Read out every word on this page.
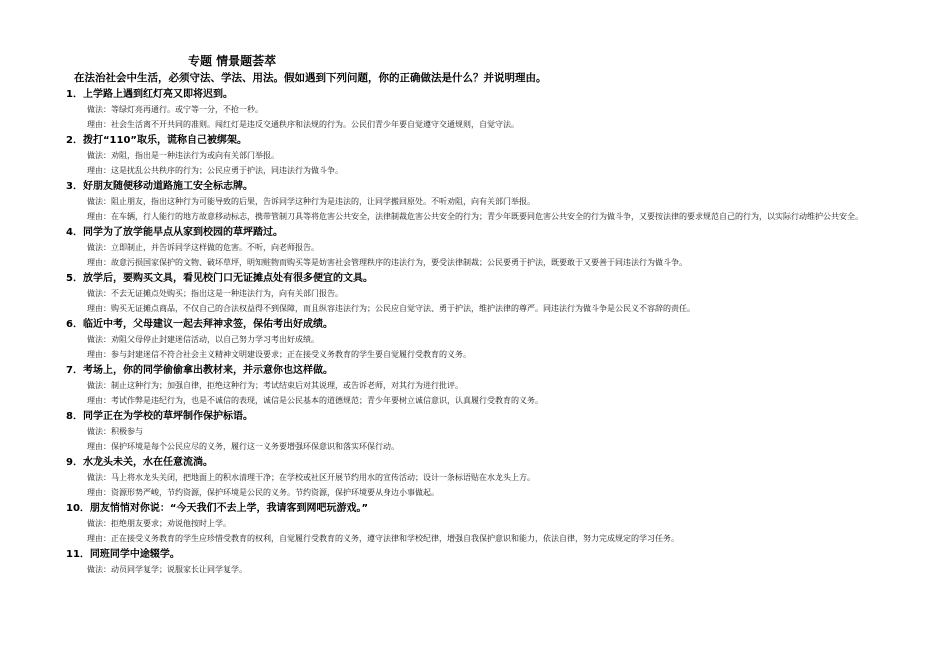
专题 情景题荟萃
在法治社会中生活，必须守法、学法、用法。假如遇到下列问题，你的正确做法是什么？并说明理由。
1．上学路上遇到红灯亮又即将迟到。
做法：等绿灯亮再通行。或宁等一分，不抢一秒。
理由：社会生活离不开共同的准则。闯红灯是违反交通秩序和法规的行为。公民们青少年要自觉遵守交通规则，自觉守法。
2．拨打“110”取乐，谎称自己被绑架。
做法：劝阻，指出是一种违法行为或向有关部门举报。
理由：这是扰乱公共秩序的行为；公民应勇于护法，同违法行为做斗争。
3．好朋友随便移动道路施工安全标志牌。
做法：阻止朋友，指出这种行为可能导致的后果，告诉同学这种行为是违法的，让同学搬回原处。不听劝阻，向有关部门举报。
理由：在车辆，行人能行的地方故意移动标志，携带管制刀具等将危害公共安全，法律制裁危害公共安全的行为；青少年既要同危害公共安全的行为做斗争，又要按法律的要求规范自己的行为，以实际行动维护公共安全。
4．同学为了放学能早点从家到校园的草坪踏过。
做法：立即制止，并告诉同学这样做的危害。不听，向老师报告。
理由：故意污损国家保护的文物、破坏草坪，明知赃物而购买等是妨害社会管理秩序的违法行为，要受法律制裁；公民要勇于护法，既要敢于又要善于同违法行为做斗争。
5．放学后，要购买文具，看见校门口无证摊点处有很多便宜的文具。
做法：不去无证摊点处购买；指出这是一种违法行为，向有关部门报告。
理由：购买无证摊点商品，不仅自己的合法权益得不到保障，而且纵容违法行为；公民应自觉守法、勇于护法，维护法律的尊严。同违法行为做斗争是公民义不容辞的责任。
6．临近中考，父母建议一起去拜神求签，保佑考出好成绩。
做法：劝阻父母停止封建迷信活动，以自己努力学习考出好成绩。
理由：参与封建迷信不符合社会主义精神文明建设要求；正在接受义务教育的学生要自觉履行受教育的义务。
7．考场上，你的同学偷偷拿出教材来，并示意你也这样做。
做法：制止这种行为；加强自律，拒绝这种行为；考试结束后对其说理，或告诉老师，对其行为进行批评。
理由：考试作弊是违纪行为，也是不诚信的表现，诚信是公民基本的道德规范；青少年要树立诚信意识，认真履行受教育的义务。
8．同学正在为学校的草坪制作保护标语。
做法：积极参与
理由：保护环境是每个公民应尽的义务，履行这一义务要增强环保意识和落实环保行动。
9．水龙头未关，水在任意流淌。
做法：马上将水龙头关闭，把地面上的积水清理干净；在学校或社区开展节约用水的宣传活动；设计一条标语贴在水龙头上方。
理由：资源形势严峻，节约资源，保护环境是公民的义务。节约资源，保护环境要从身边小事做起。
10．朋友悄悄对你说：“今天我们不去上学，我请客到网吧玩游戏。”
做法：拒绝朋友要求；劝说他按时上学。
理由：正在接受义务教育的学生应珍惜受教育的权利，自觉履行受教育的义务，遵守法律和学校纪律，增强自我保护意识和能力，依法自律，努力完成规定的学习任务。
11．同班同学中途辍学。
做法：动员同学复学；说服家长让同学复学。
